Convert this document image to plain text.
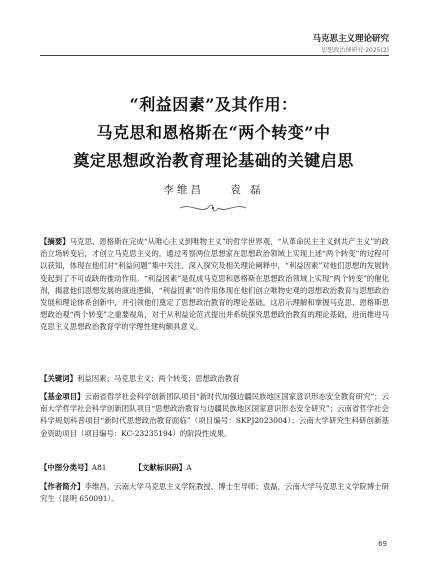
马克思主义理论研究
思想政治课研究·2025(2)
“利益因素”及其作用：
马克思和恩格斯在“两个转变”中
奠定思想政治教育理论基础的关键启思
李维昌	袁 磊
【摘要】马克思、恩格斯在完成“从唯心主义到唯物主义”的哲学世界观、“从革命民主主义到共产主义”的政治立场转变后，才创立马克思主义的。通过考察两位思想家在思想政治领域上实现上述“两个转变”的过程可以获知，体现在他们对“利益问题”集中关注、深入探究及相关理论阐释中，“利益因素”对他们思想的发展转变起到了不可或缺的推动作用。“利益因素”是促成马克思和恩格斯在思想政治领域上实现“两个转变”的催化剂，揭意他们思想发展的演进逻辑，“利益因素”的作用体现在他们创立唯物史观的思想政治教育与思想政治发展和理论体系创新中，并引领他们奠定了思想政治教育的理论基础。这启示理解和掌握马克思、恩格斯思想政治观“两个转变”之重要视角，对于从利益论范式提出并系统探究思想政治教育的理论基础，进而推进马克思主义思想政治教育学的学理性建构颇具意义。
【关键词】利益因素；马克思主义；两个转变；思想政治教育
【基金项目】云南省哲学社会科学创新团队项目“新时代加强边疆民族地区国家意识形态安全教育研究”；云南大学哲学社会科学创新团队项目“思想政治教育与边疆民族地区国家意识形态安全研究”；云南省哲学社会科学规划科普项目“新时代思想政治教育面临”（项目编号：SKPJ2023004）；云南大学研究生科研创新基金资助项目（项目编号：KC-23235194）的阶段性成果。
【中图分类号】A81	【文献标识码】A
【作者简介】李维昌，云南大学马克思主义学院教授、博士生导师；袁磊，云南大学马克思主义学院博士研究生（昆明 650091）。
69
